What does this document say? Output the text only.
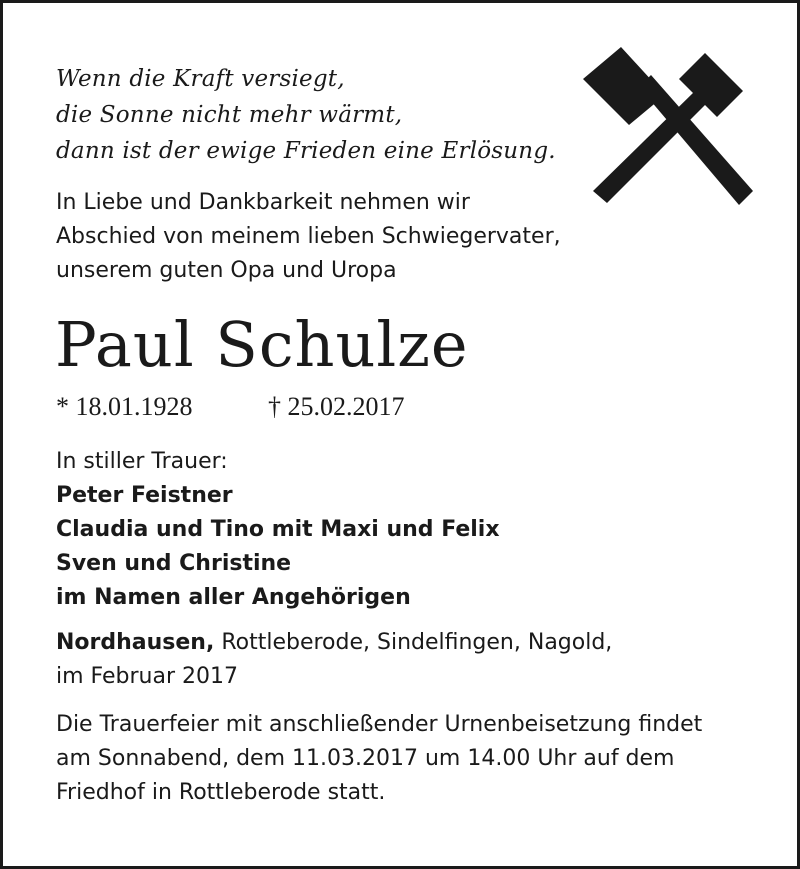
Wenn die Kraft versiegt,
die Sonne nicht mehr wärmt,
dann ist der ewige Frieden eine Erlösung.
In Liebe und Dankbarkeit nehmen wir
Abschied von meinem lieben Schwiegervater,
unserem guten Opa und Uropa
Paul Schulze
* 18.01.1928	† 25.02.2017
In stiller Trauer:
Peter Feistner
Claudia und Tino mit Maxi und Felix
Sven und Christine
im Namen aller Angehörigen
Nordhausen, Rottleberode, Sindelfingen, Nagold,
im Februar 2017
Die Trauerfeier mit anschließender Urnenbeisetzung findet
am Sonnabend, dem 11.03.2017 um 14.00 Uhr auf dem
Friedhof in Rottleberode statt.
